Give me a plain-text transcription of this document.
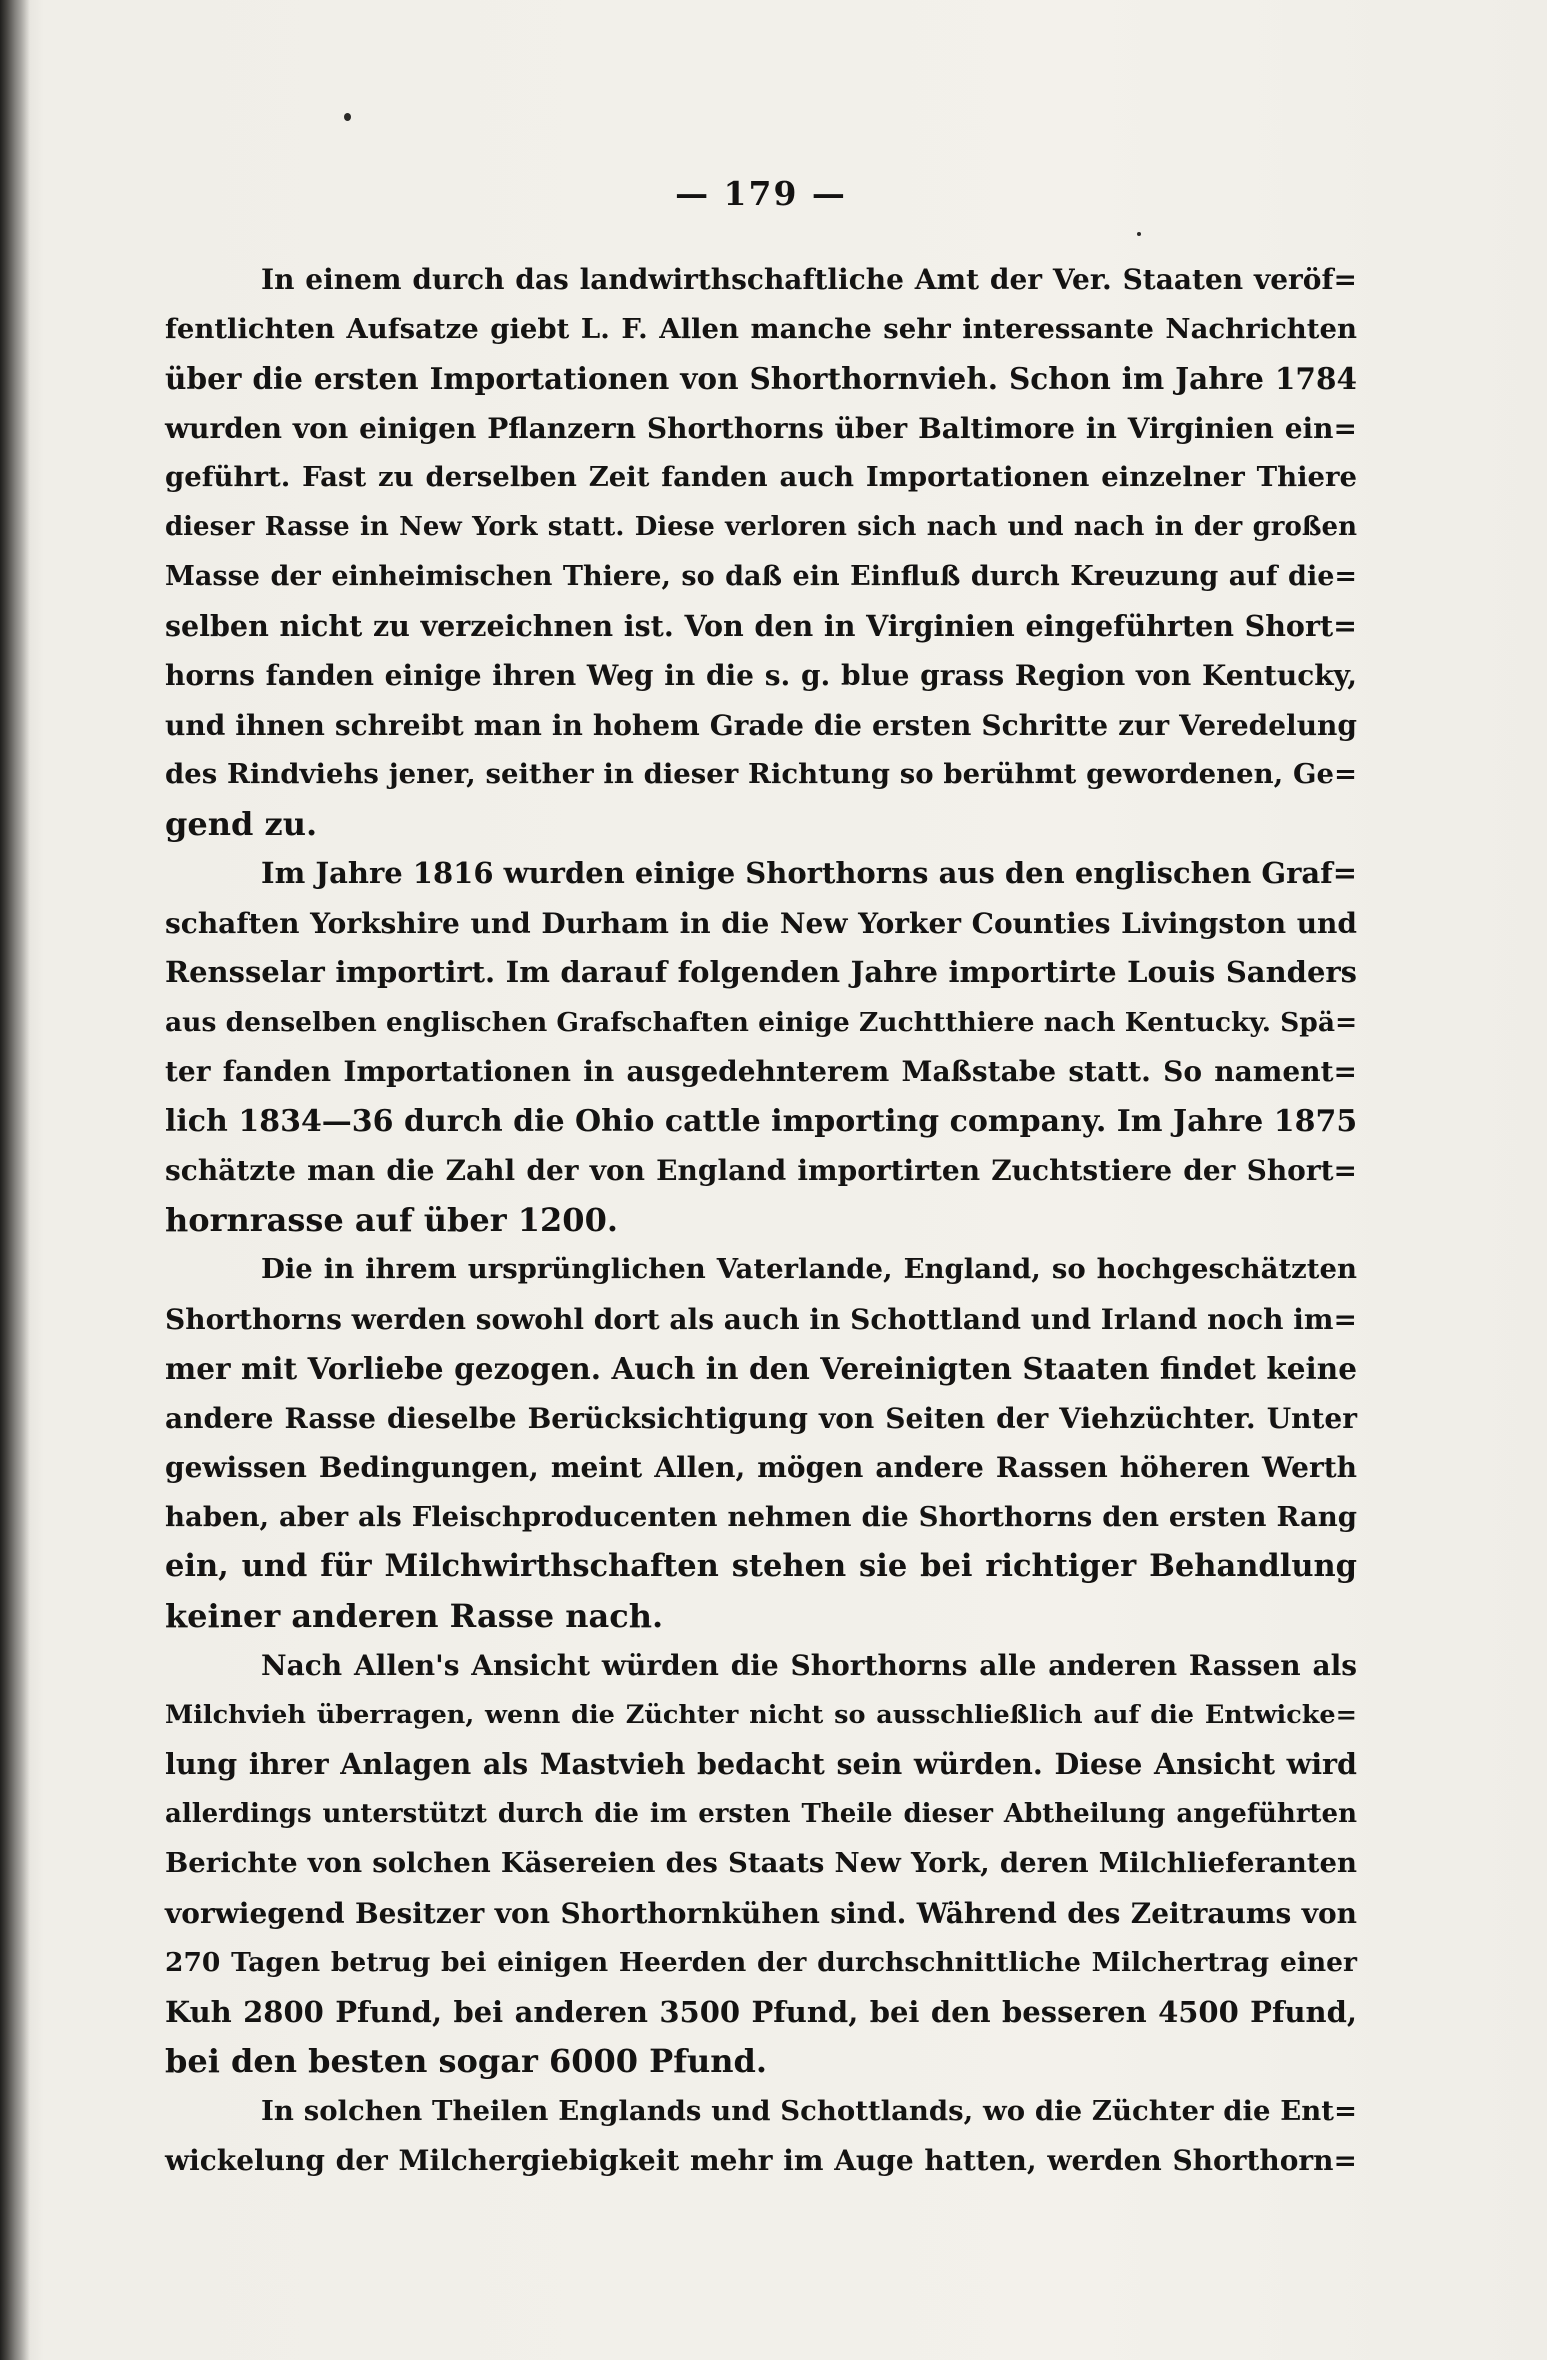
— 179 —
In einem durch das landwirthschaftliche Amt der Ver. Staaten veröf=
fentlichten Aufsatze giebt L. F. Allen manche sehr interessante Nachrichten
über die ersten Importationen von Shorthornvieh. Schon im Jahre 1784
wurden von einigen Pflanzern Shorthorns über Baltimore in Virginien ein=
geführt. Fast zu derselben Zeit fanden auch Importationen einzelner Thiere
dieser Rasse in New York statt. Diese verloren sich nach und nach in der großen
Masse der einheimischen Thiere, so daß ein Einfluß durch Kreuzung auf die=
selben nicht zu verzeichnen ist. Von den in Virginien eingeführten Short=
horns fanden einige ihren Weg in die s. g. blue grass Region von Kentucky,
und ihnen schreibt man in hohem Grade die ersten Schritte zur Veredelung
des Rindviehs jener, seither in dieser Richtung so berühmt gewordenen, Ge=
gend zu.
Im Jahre 1816 wurden einige Shorthorns aus den englischen Graf=
schaften Yorkshire und Durham in die New Yorker Counties Livingston und
Rensselar importirt. Im darauf folgenden Jahre importirte Louis Sanders
aus denselben englischen Grafschaften einige Zuchtthiere nach Kentucky. Spä=
ter fanden Importationen in ausgedehnterem Maßstabe statt. So nament=
lich 1834—36 durch die Ohio cattle importing company. Im Jahre 1875
schätzte man die Zahl der von England importirten Zuchtstiere der Short=
hornrasse auf über 1200.
Die in ihrem ursprünglichen Vaterlande, England, so hochgeschätzten
Shorthorns werden sowohl dort als auch in Schottland und Irland noch im=
mer mit Vorliebe gezogen. Auch in den Vereinigten Staaten findet keine
andere Rasse dieselbe Berücksichtigung von Seiten der Viehzüchter. Unter
gewissen Bedingungen, meint Allen, mögen andere Rassen höheren Werth
haben, aber als Fleischproducenten nehmen die Shorthorns den ersten Rang
ein, und für Milchwirthschaften stehen sie bei richtiger Behandlung
keiner anderen Rasse nach.
Nach Allen's Ansicht würden die Shorthorns alle anderen Rassen als
Milchvieh überragen, wenn die Züchter nicht so ausschließlich auf die Entwicke=
lung ihrer Anlagen als Mastvieh bedacht sein würden. Diese Ansicht wird
allerdings unterstützt durch die im ersten Theile dieser Abtheilung angeführten
Berichte von solchen Käsereien des Staats New York, deren Milchlieferanten
vorwiegend Besitzer von Shorthornkühen sind. Während des Zeitraums von
270 Tagen betrug bei einigen Heerden der durchschnittliche Milchertrag einer
Kuh 2800 Pfund, bei anderen 3500 Pfund, bei den besseren 4500 Pfund,
bei den besten sogar 6000 Pfund.
In solchen Theilen Englands und Schottlands, wo die Züchter die Ent=
wickelung der Milchergiebigkeit mehr im Auge hatten, werden Shorthorn=
